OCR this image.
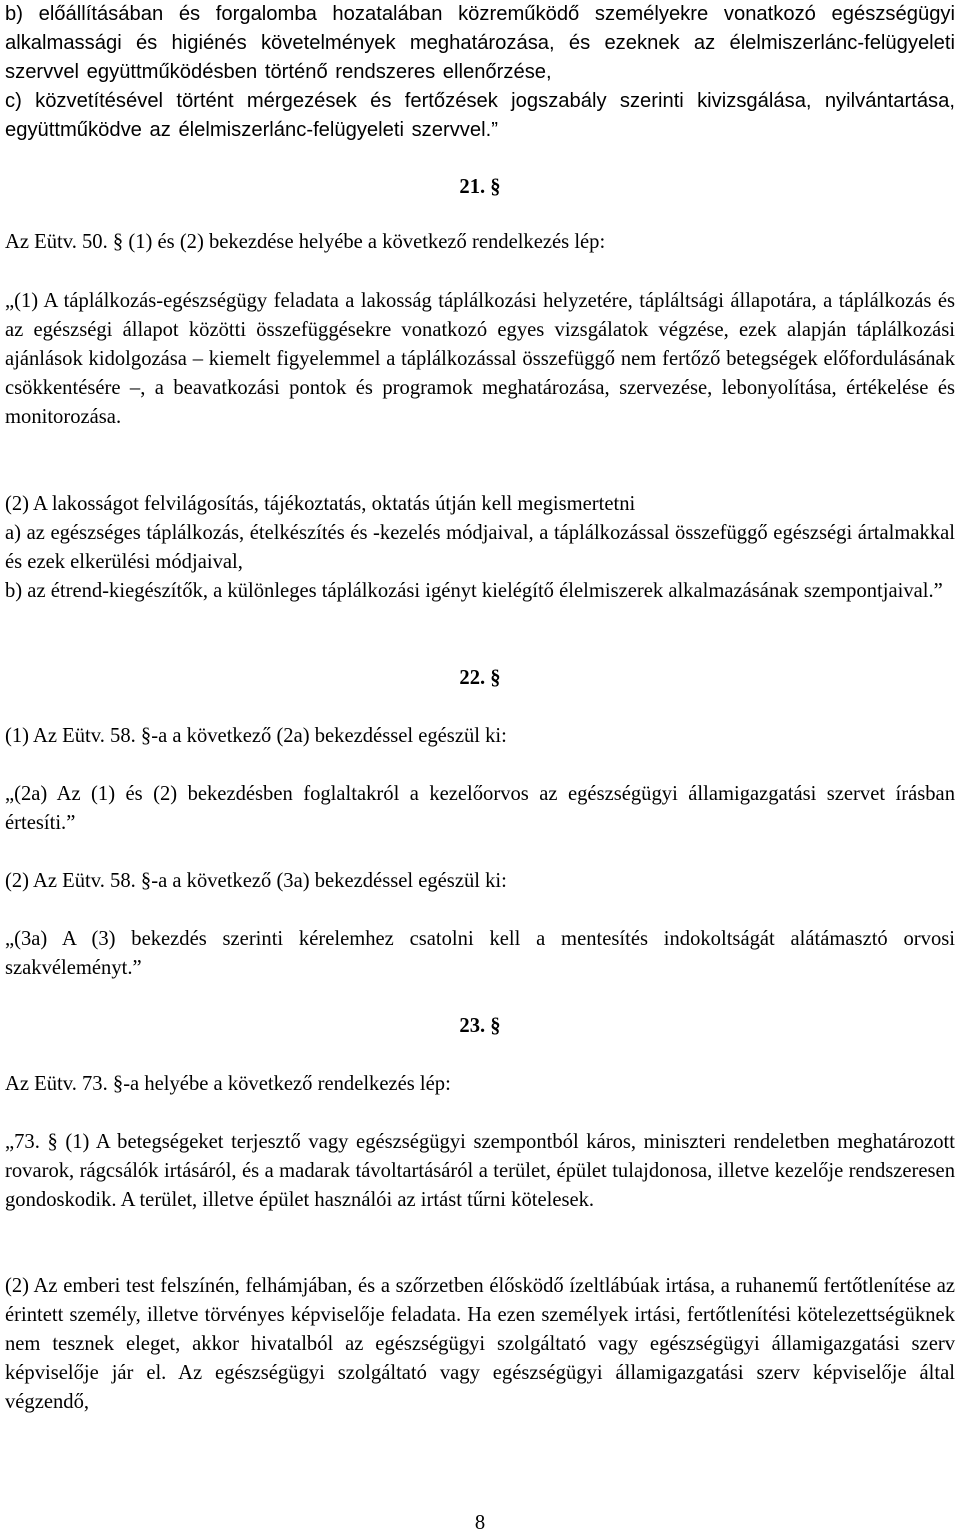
b) előállításában és forgalomba hozatalában közreműködő személyekre vonatkozó egészségügyi alkalmassági és higiénés követelmények meghatározása, és ezeknek az élelmiszerlánc-felügyeleti szervvel együttműködésben történő rendszeres ellenőrzése,

c) közvetítésével történt mérgezések és fertőzések jogszabály szerinti kivizsgálása, nyilvántartása, együttműködve az élelmiszerlánc-felügyeleti szervvel.”

21. §

Az Eütv. 50. § (1) és (2) bekezdése helyébe a következő rendelkezés lép:

„(1) A táplálkozás-egészségügy feladata a lakosság táplálkozási helyzetére, tápláltsági állapotára, a táplálkozás és az egészségi állapot közötti összefüggésekre vonatkozó egyes vizsgálatok végzése, ezek alapján táplálkozási ajánlások kidolgozása – kiemelt figyelemmel a táplálkozással összefüggő nem fertőző betegségek előfordulásának csökkentésére –, a beavatkozási pontok és programok meghatározása, szervezése, lebonyolítása, értékelése és monitorozása.

(2) A lakosságot felvilágosítás, tájékoztatás, oktatás útján kell megismertetni

a) az egészséges táplálkozás, ételkészítés és -kezelés módjaival, a táplálkozással összefüggő egészségi ártalmakkal és ezek elkerülési módjaival,

b) az étrend-kiegészítők, a különleges táplálkozási igényt kielégítő élelmiszerek alkalmazásának szempontjaival.”

22. §

(1) Az Eütv. 58. §-a a következő (2a) bekezdéssel egészül ki:

„(2a) Az (1) és (2) bekezdésben foglaltakról a kezelőorvos az egészségügyi államigazgatási szervet írásban értesíti.”

(2) Az Eütv. 58. §-a a következő (3a) bekezdéssel egészül ki:

„(3a) A (3) bekezdés szerinti kérelemhez csatolni kell a mentesítés indokoltságát alátámasztó orvosi szakvéleményt.”

23. §

Az Eütv. 73. §-a helyébe a következő rendelkezés lép:

„73. § (1) A betegségeket terjesztő vagy egészségügyi szempontból káros, miniszteri rendeletben meghatározott rovarok, rágcsálók irtásáról, és a madarak távoltartásáról a terület, épület tulajdonosa, illetve kezelője rendszeresen gondoskodik. A terület, illetve épület használói az irtást tűrni kötelesek.

(2) Az emberi test felszínén, felhámjában, és a szőrzetben élősködő ízeltlábúak irtása, a ruhanemű fertőtlenítése az érintett személy, illetve törvényes képviselője feladata. Ha ezen személyek irtási, fertőtlenítési kötelezettségüknek nem tesznek eleget, akkor hivatalból az egészségügyi szolgáltató vagy egészségügyi államigazgatási szerv képviselője jár el. Az egészségügyi szolgáltató vagy egészségügyi államigazgatási szerv képviselője által végzendő,

8
